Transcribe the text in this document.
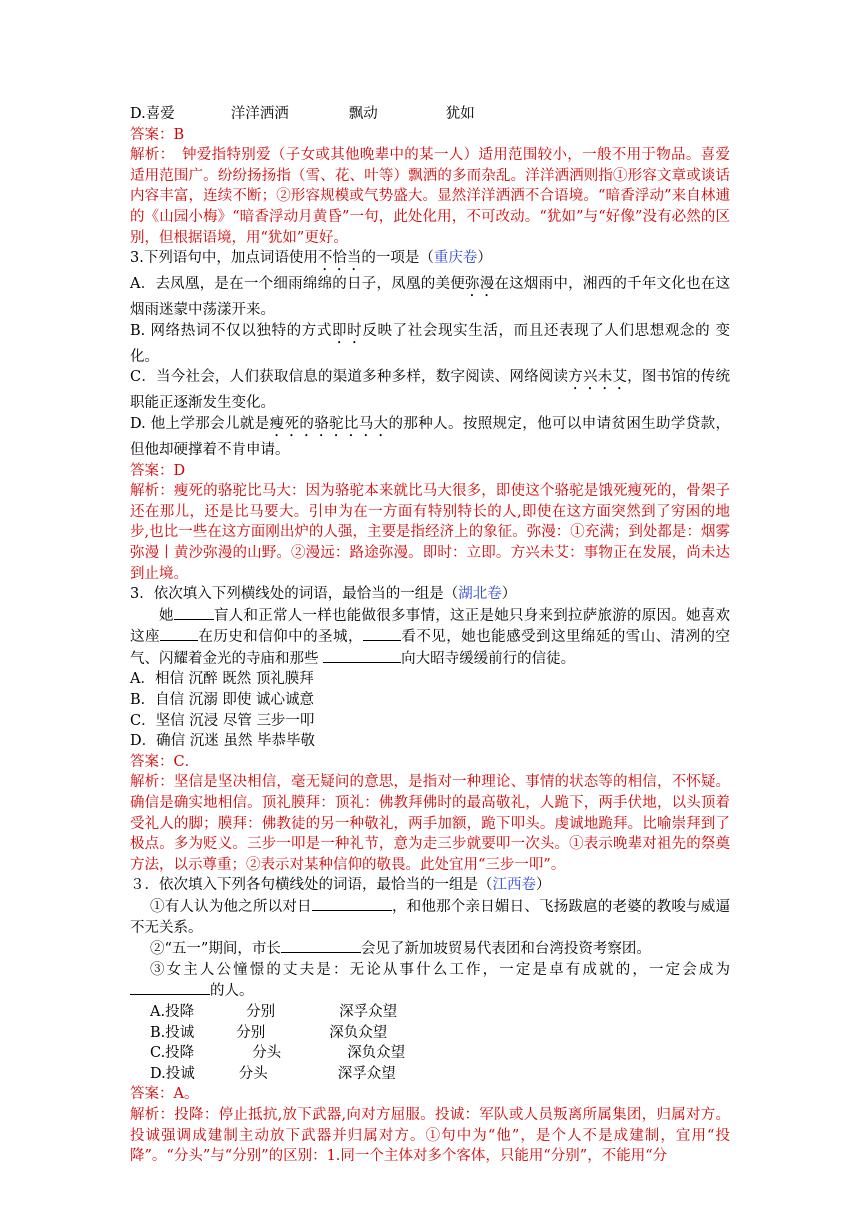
D.喜爱	洋洋洒洒	飘动	犹如
答案：B
解析：　钟爱指特别爱（子女或其他晚辈中的某一人）适用范围较小，一般不用于物品。喜爱适用范围广。纷纷扬扬指（雪、花、叶等）飘洒的多而杂乱。洋洋洒洒则指①形容文章或谈话内容丰富，连续不断；②形容规模或气势盛大。显然洋洋洒洒不合语境。“暗香浮动”来自林逋的《山园小梅》“暗香浮动月黄昏”一句，此处化用，不可改动。“犹如”与“好像”没有必然的区别，但根据语境，用“犹如”更好。
3.下列语句中，加点词语使用不恰当的一项是（重庆卷）
A．去凤凰，是在一个细雨绵绵的日子，凤凰的美便弥漫在这烟雨中，湘西的千年文化也在这烟雨迷蒙中荡漾开来。
B. 网络热词不仅以独特的方式即时反映了社会现实生活，而且还表现了人们思想观念的 变化。
C．当今社会，人们获取信息的渠道多种多样，数字阅读、网络阅读方兴未艾，图书馆的传统职能正逐渐发生变化。
D. 他上学那会儿就是瘦死的骆驼比马大的那种人。按照规定，他可以申请贫困生助学贷款，但他却硬撑着不肯申请。
答案：D
解析：瘦死的骆驼比马大：因为骆驼本来就比马大很多，即使这个骆驼是饿死瘦死的，骨架子还在那儿，还是比马要大。引申为在一方面有特别特长的人,即使在这方面突然到了穷困的地步,也比一些在这方面刚出炉的人强，主要是指经济上的象征。弥漫：①充满；到处都是：烟雾弥漫丨黄沙弥漫的山野。②漫远：路途弥漫。即时：立即。方兴未艾：事物正在发展，尚未达到止境。
3．依次填入下列横线处的词语，最恰当的一组是（湖北卷）
她	盲人和正常人一样也能做很多事情，这正是她只身来到拉萨旅游的原因。她喜欢这座	在历史和信仰中的圣城，	看不见，她也能感受到这里绵延的雪山、清冽的空气、闪耀着金光的寺庙和那些	向大昭寺缓缓前行的信徒。
A．相信 沉醉 既然 顶礼膜拜
B．自信 沉溺 即使 诚心诚意
C．坚信 沉浸 尽管 三步一叩
D．确信 沉迷 虽然 毕恭毕敬
答案：C．
解析：坚信是坚决相信，毫无疑问的意思，是指对一种理论、事情的状态等的相信，不怀疑。确信是确实地相信。顶礼膜拜：顶礼：佛教拜佛时的最高敬礼，人跪下，两手伏地，以头顶着受礼人的脚；膜拜：佛教徒的另一种敬礼，两手加额，跪下叩头。虔诚地跪拜。比喻崇拜到了极点。多为贬义。三步一叩是一种礼节，意为走三步就要叩一次头。①表示晚辈对祖先的祭奠方法，以示尊重；②表示对某种信仰的敬畏。此处宜用“三步一叩”。
３．依次填入下列各句横线处的词语，最恰当的一组是（江西卷）
①有人认为他之所以对日	，和他那个亲日媚日、飞扬跋扈的老婆的教唆与威逼不无关系。
②“五一”期间，市长	会见了新加坡贸易代表团和台湾投资考察团。
③女主人公憧憬的丈夫是：无论从事什么工作，一定是卓有成就的，一定会成为的人。
A.投降	分别	深孚众望
B.投诚	分别	深负众望
C.投降	分头	深负众望
D.投诚	分头	深孚众望
答案：A。
解析：投降：停止抵抗,放下武器,向对方屈服。投诚：军队或人员叛离所属集团，归属对方。投诚强调成建制主动放下武器并归属对方。①句中为“他”，是个人不是成建制，宜用“投降”。“分头”与“分别”的区别：1.同一个主体对多个客体，只能用“分别”，不能用“分
